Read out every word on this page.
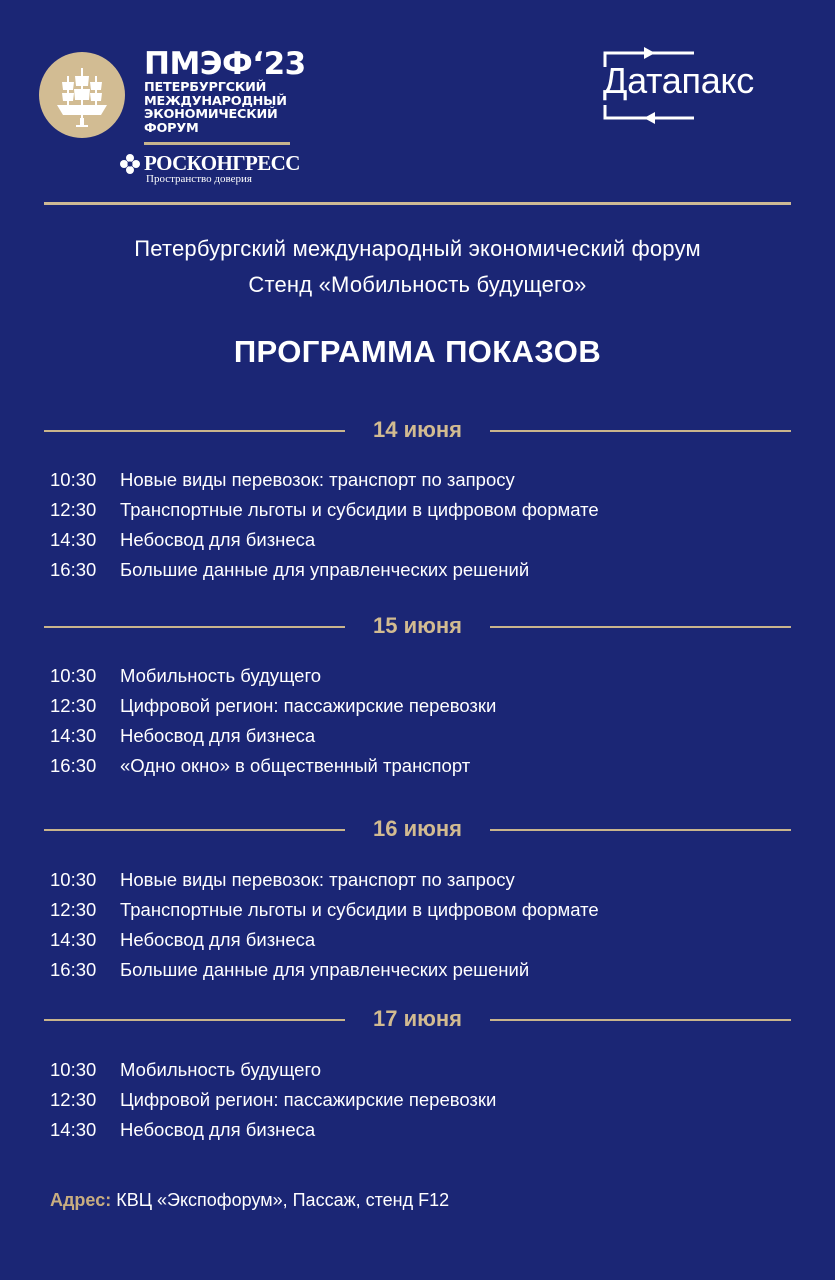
ПМЭФ‘23
ПЕТЕРБУРГСКИЙ
МЕЖДУНАРОДНЫЙ
ЭКОНОМИЧЕСКИЙ
ФОРУМ
РОСКОНГРЕСС
Пространство доверия
Датапакс
Петербургский международный экономический форум
Стенд «Мобильность будущего»
ПРОГРАММА ПОКАЗОВ
14 июня
10:30 Новые виды перевозок: транспорт по запросу
12:30 Транспортные льготы и субсидии в цифровом формате
14:30 Небосвод для бизнеса
16:30 Большие данные для управленческих решений
15 июня
10:30 Мобильность будущего
12:30 Цифровой регион: пассажирские перевозки
14:30 Небосвод для бизнеса
16:30 «Одно окно» в общественный транспорт
16 июня
10:30 Новые виды перевозок: транспорт по запросу
12:30 Транспортные льготы и субсидии в цифровом формате
14:30 Небосвод для бизнеса
16:30 Большие данные для управленческих решений
17 июня
10:30 Мобильность будущего
12:30 Цифровой регион: пассажирские перевозки
14:30 Небосвод для бизнеса
Адрес: КВЦ «Экспофорум», Пассаж, стенд F12
